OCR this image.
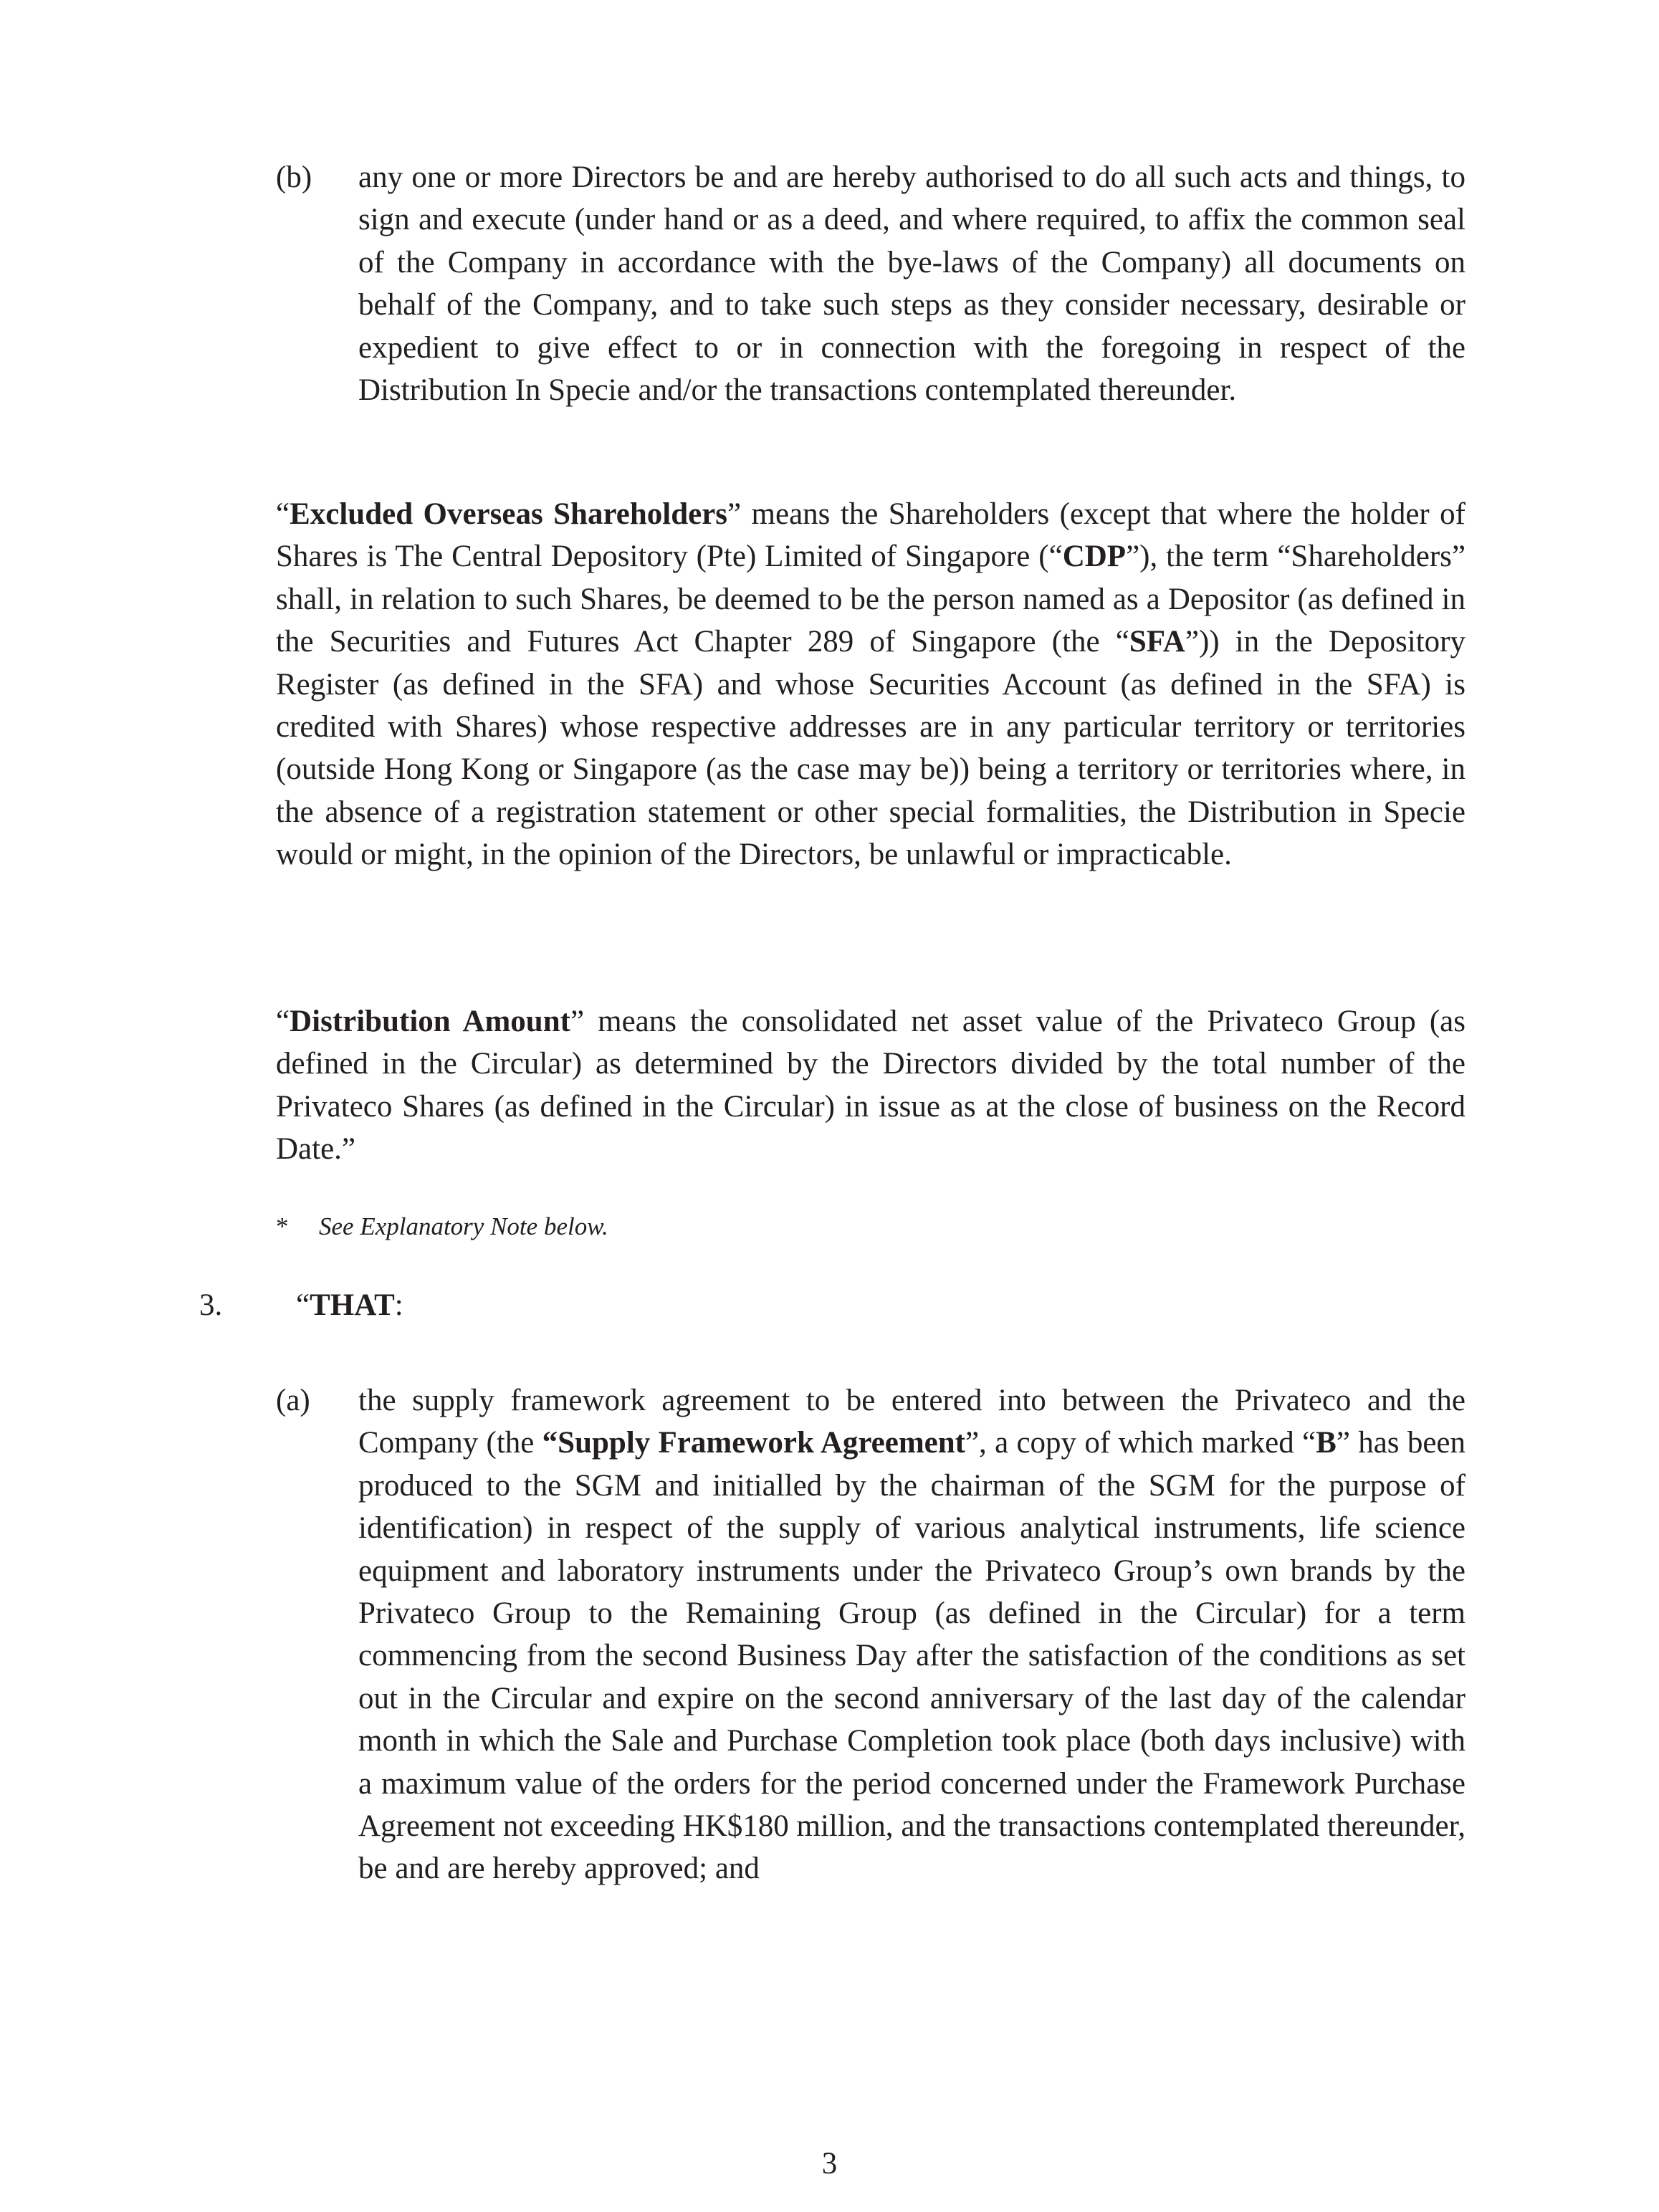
(b) any one or more Directors be and are hereby authorised to do all such acts and things, to sign and execute (under hand or as a deed, and where required, to affix the common seal of the Company in accordance with the bye-laws of the Company) all documents on behalf of the Company, and to take such steps as they consider necessary, desirable or expedient to give effect to or in connection with the foregoing in respect of the Distribution In Specie and/or the transactions contemplated thereunder.
“Excluded Overseas Shareholders” means the Shareholders (except that where the holder of Shares is The Central Depository (Pte) Limited of Singapore (“CDP”), the term “Shareholders” shall, in relation to such Shares, be deemed to be the person named as a Depositor (as defined in the Securities and Futures Act Chapter 289 of Singapore (the “SFA”)) in the Depository Register (as defined in the SFA) and whose Securities Account (as defined in the SFA) is credited with Shares) whose respective addresses are in any particular territory or territories (outside Hong Kong or Singapore (as the case may be)) being a territory or territories where, in the absence of a registration statement or other special formalities, the Distribution in Specie would or might, in the opinion of the Directors, be unlawful or impracticable.
“Distribution Amount” means the consolidated net asset value of the Privateco Group (as defined in the Circular) as determined by the Directors divided by the total number of the Privateco Shares (as defined in the Circular) in issue as at the close of business on the Record Date.”
* See Explanatory Note below.
3. “THAT:
(a) the supply framework agreement to be entered into between the Privateco and the Company (the “Supply Framework Agreement”, a copy of which marked “B” has been produced to the SGM and initialled by the chairman of the SGM for the purpose of identification) in respect of the supply of various analytical instruments, life science equipment and laboratory instruments under the Privateco Group’s own brands by the Privateco Group to the Remaining Group (as defined in the Circular) for a term commencing from the second Business Day after the satisfaction of the conditions as set out in the Circular and expire on the second anniversary of the last day of the calendar month in which the Sale and Purchase Completion took place (both days inclusive) with a maximum value of the orders for the period concerned under the Framework Purchase Agreement not exceeding HK$180 million, and the transactions contemplated thereunder, be and are hereby approved; and
3
